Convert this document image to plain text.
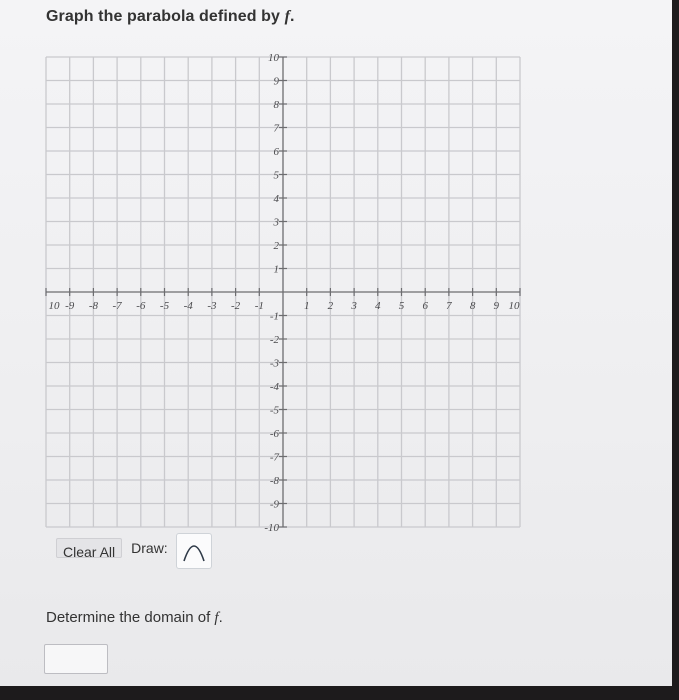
Graph the parabola defined by f.
10 -9 -8 -7 -6 -5 -4 -3 -2 -1	1 2 3 4 5 6 7 8 9 10
10
9
8
7
6
5
4
3
2
1
-1
-2
-3
-4
-5
-6
-7
-8
-9
-10
Clear All	Draw:
Determine the domain of f.
